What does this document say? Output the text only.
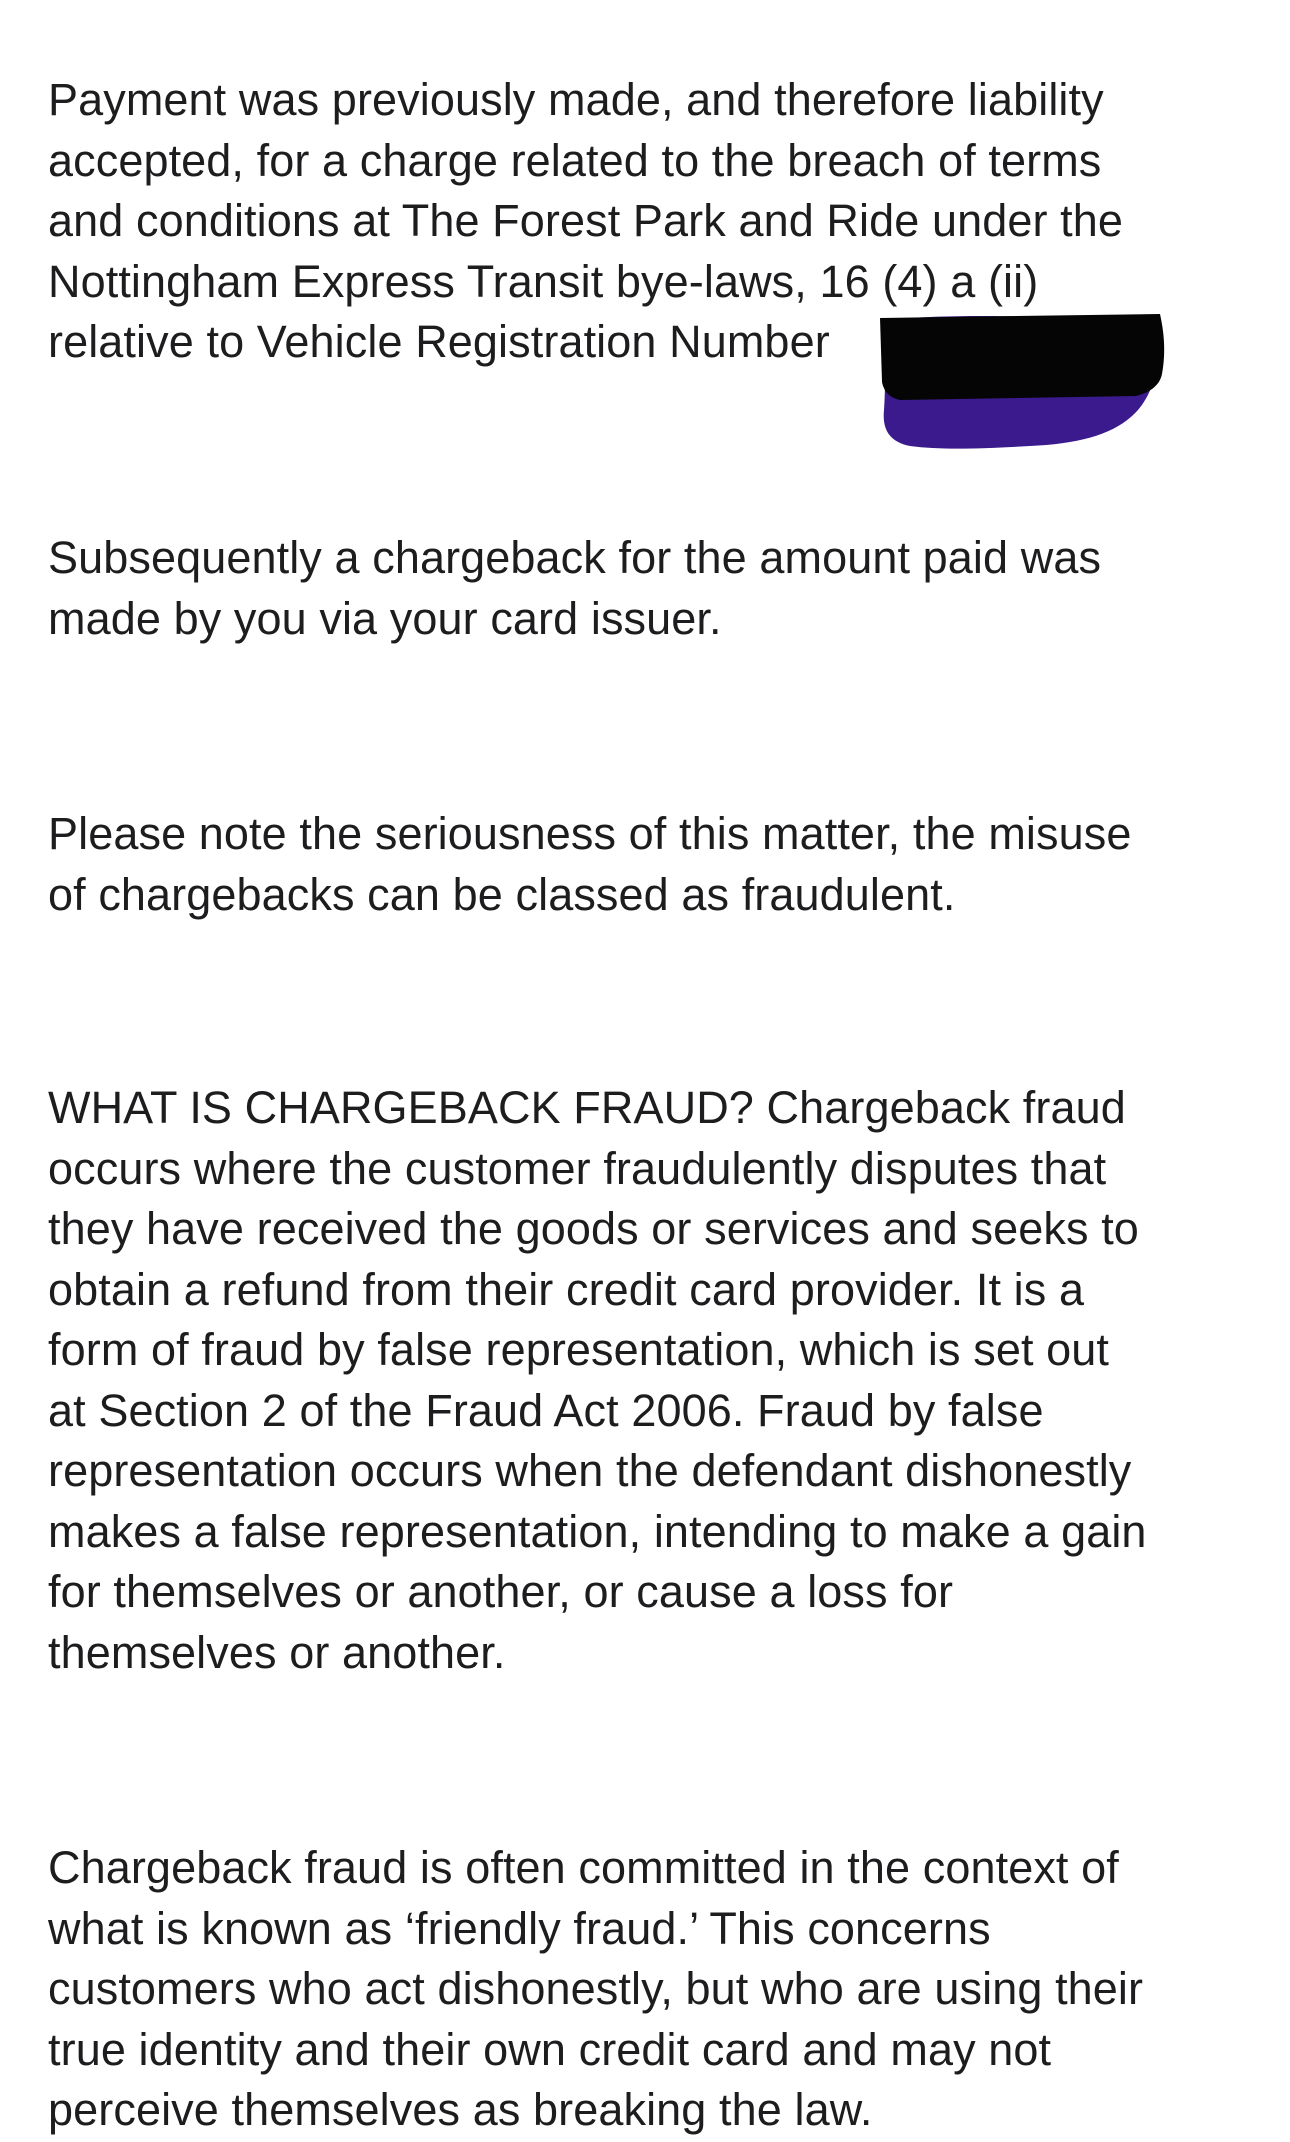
Payment was previously made, and therefore liability
accepted, for a charge related to the breach of terms
and conditions at The Forest Park and Ride under the
Nottingham Express Transit bye-laws, 16 (4) a (ii)
relative to Vehicle Registration Number

Subsequently a chargeback for the amount paid was
made by you via your card issuer.

Please note the seriousness of this matter, the misuse
of chargebacks can be classed as fraudulent.

WHAT IS CHARGEBACK FRAUD? Chargeback fraud
occurs where the customer fraudulently disputes that
they have received the goods or services and seeks to
obtain a refund from their credit card provider. It is a
form of fraud by false representation, which is set out
at Section 2 of the Fraud Act 2006. Fraud by false
representation occurs when the defendant dishonestly
makes a false representation, intending to make a gain
for themselves or another, or cause a loss for
themselves or another.

Chargeback fraud is often committed in the context of
what is known as ‘friendly fraud.’ This concerns
customers who act dishonestly, but who are using their
true identity and their own credit card and may not
perceive themselves as breaking the law.
